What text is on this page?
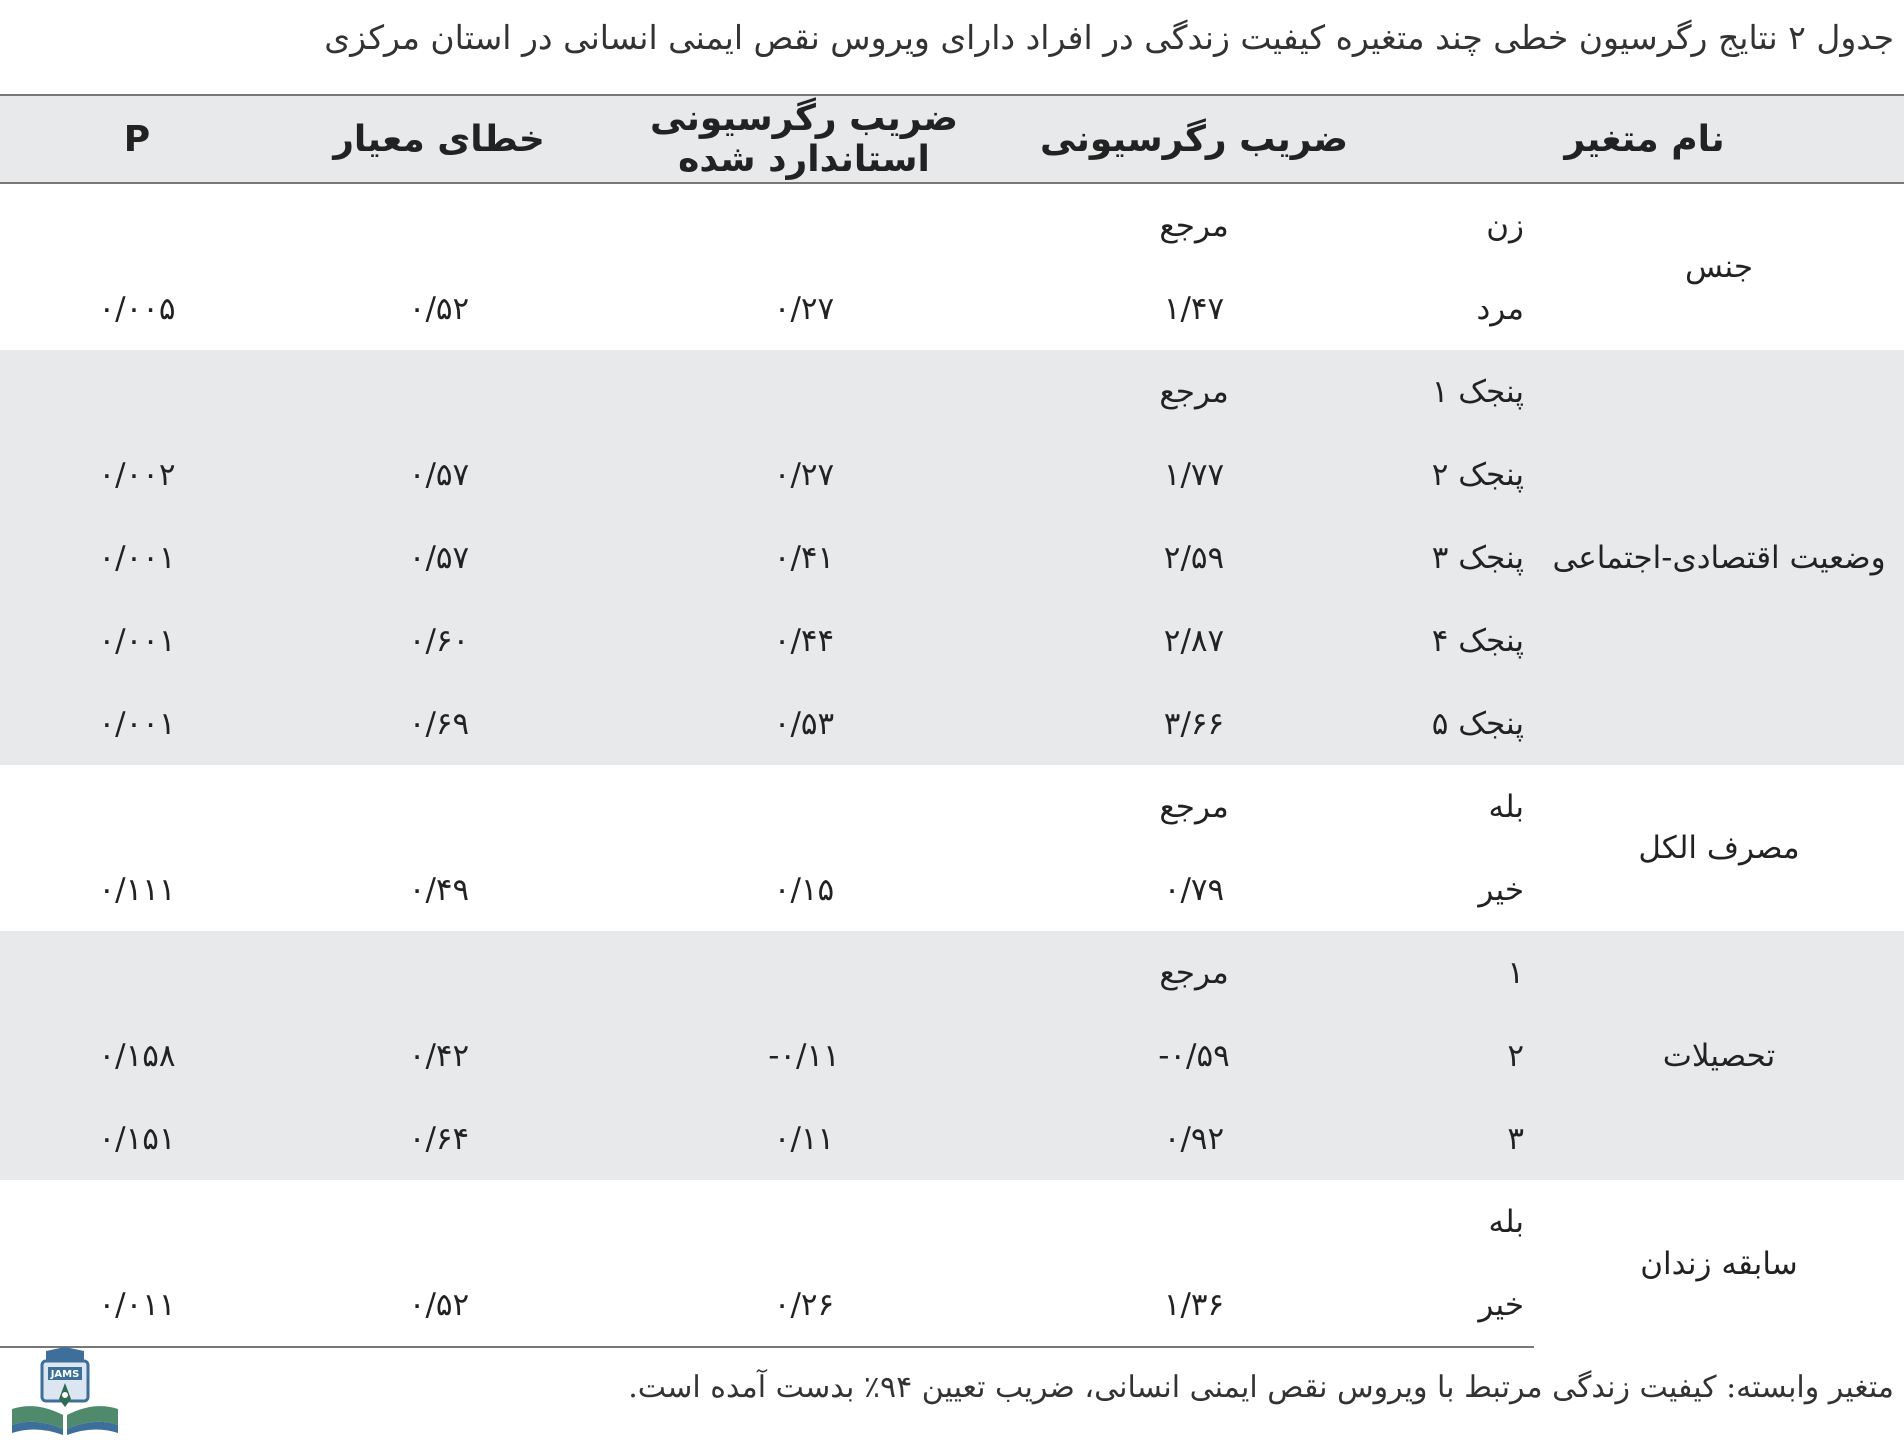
جدول ۲ نتایج رگرسیون خطی چند متغیره کیفیت زندگی در افراد دارای ویروس نقص ایمنی انسانی در استان مرکزی
نام متغیر		ضریب رگرسیونی	ضریب رگرسیونی استاندارد شده	خطای معیار	P
جنس	زن	مرجع			
	مرد	۱/۴۷	۰/۲۷	۰/۵۲	۰/۰۰۵
وضعیت اقتصادی-اجتماعی	پنجک ۱	مرجع			
	پنجک ۲	۱/۷۷	۰/۲۷	۰/۵۷	۰/۰۰۲
	پنجک ۳	۲/۵۹	۰/۴۱	۰/۵۷	۰/۰۰۱
	پنجک ۴	۲/۸۷	۰/۴۴	۰/۶۰	۰/۰۰۱
	پنجک ۵	۳/۶۶	۰/۵۳	۰/۶۹	۰/۰۰۱
مصرف الکل	بله	مرجع			
	خیر	۰/۷۹	۰/۱۵	۰/۴۹	۰/۱۱۱
تحصیلات	۱	مرجع			
	۲	-۰/۵۹	-۰/۱۱	۰/۴۲	۰/۱۵۸
	۳	۰/۹۲	۰/۱۱	۰/۶۴	۰/۱۵۱
سابقه زندان	بله				
	خیر	۱/۳۶	۰/۲۶	۰/۵۲	۰/۰۱۱
متغیر وابسته: کیفیت زندگی مرتبط با ویروس نقص ایمنی انسانی، ضریب تعیین ۹۴٪ بدست آمده است.
JAMS
